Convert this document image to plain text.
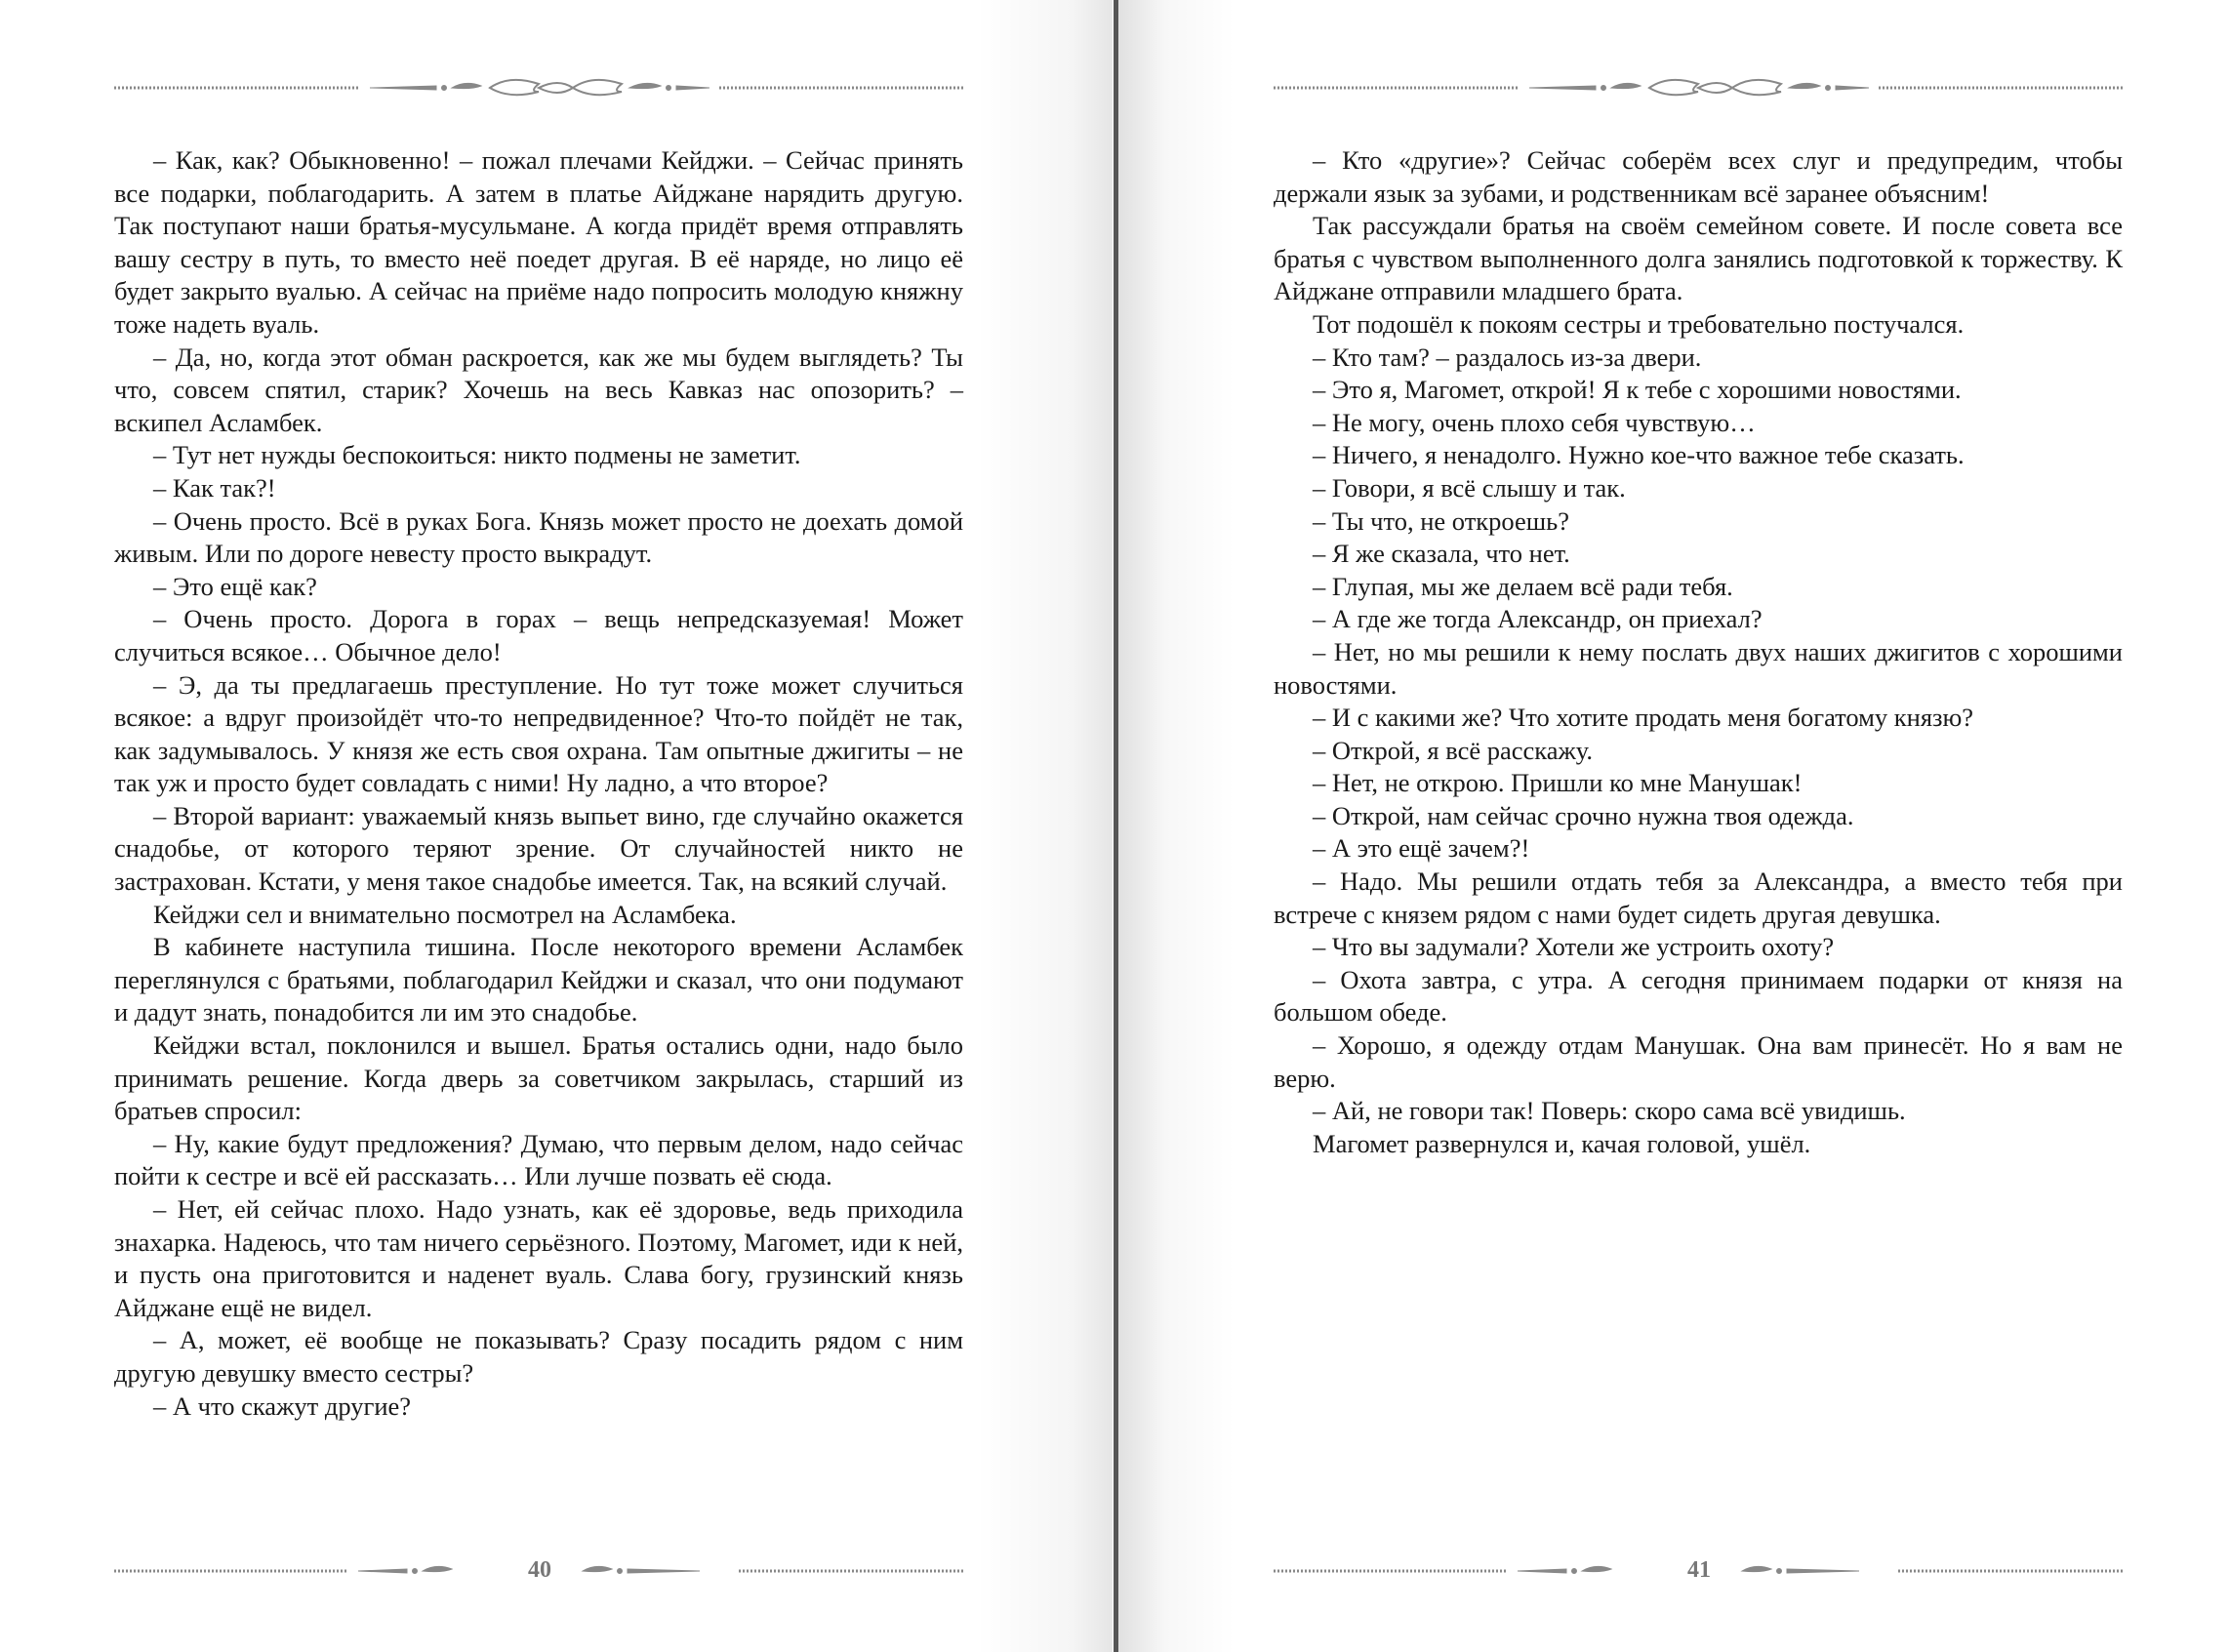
– Как, как? Обыкновенно! – пожал плечами Кейджи. – Сейчас принять все подарки, поблагодарить. А затем в платье Айджане нарядить другую. Так поступают наши братья-мусульмане. А когда придёт время отправлять вашу сестру в путь, то вместо неё поедет другая. В её наряде, но лицо её будет закрыто вуалью. А сейчас на приёме надо попросить молодую княжну тоже надеть вуаль.

– Да, но, когда этот обман раскроется, как же мы будем выглядеть? Ты что, совсем спятил, старик? Хочешь на весь Кавказ нас опозорить? – вскипел Асламбек.

– Тут нет нужды беспокоиться: никто подмены не заметит.

– Как так?!

– Очень просто. Всё в руках Бога. Князь может просто не доехать домой живым. Или по дороге невесту просто выкрадут.

– Это ещё как?

– Очень просто. Дорога в горах – вещь непредсказуемая! Может случиться всякое… Обычное дело!

– Э, да ты предлагаешь преступление. Но тут тоже может случиться всякое: а вдруг произойдёт что-то непредвиденное? Что-то пойдёт не так, как задумывалось. У князя же есть своя охрана. Там опытные джигиты – не так уж и просто будет совладать с ними! Ну ладно, а что второе?

– Второй вариант: уважаемый князь выпьет вино, где случайно окажется снадобье, от которого теряют зрение. От случайностей никто не застрахован. Кстати, у меня такое снадобье имеется. Так, на всякий случай.

Кейджи сел и внимательно посмотрел на Асламбека.

В кабинете наступила тишина. После некоторого времени Асламбек переглянулся с братьями, поблагодарил Кейджи и сказал, что они подумают и дадут знать, понадобится ли им это снадобье.

Кейджи встал, поклонился и вышел. Братья остались одни, надо было принимать решение. Когда дверь за советчиком закрылась, старший из братьев спросил:

– Ну, какие будут предложения? Думаю, что первым делом, надо сейчас пойти к сестре и всё ей рассказать… Или лучше позвать её сюда.

– Нет, ей сейчас плохо. Надо узнать, как её здоровье, ведь приходила знахарка. Надеюсь, что там ничего серьёзного. Поэтому, Магомет, иди к ней, и пусть она приготовится и наденет вуаль. Слава богу, грузинский князь Айджане ещё не видел.

– А, может, её вообще не показывать? Сразу посадить рядом с ним другую девушку вместо сестры?

– А что скажут другие?

40

– Кто «другие»? Сейчас соберём всех слуг и предупредим, чтобы держали язык за зубами, и родственникам всё заранее объясним!

Так рассуждали братья на своём семейном совете. И после совета все братья с чувством выполненного долга занялись подготовкой к торжеству. К Айджане отправили младшего брата.

Тот подошёл к покоям сестры и требовательно постучался.

– Кто там? – раздалось из-за двери.

– Это я, Магомет, открой! Я к тебе с хорошими новостями.

– Не могу, очень плохо себя чувствую…

– Ничего, я ненадолго. Нужно кое-что важное тебе сказать.

– Говори, я всё слышу и так.

– Ты что, не откроешь?

– Я же сказала, что нет.

– Глупая, мы же делаем всё ради тебя.

– А где же тогда Александр, он приехал?

– Нет, но мы решили к нему послать двух наших джигитов с хорошими новостями.

– И с какими же? Что хотите продать меня богатому князю?

– Открой, я всё расскажу.

– Нет, не открою. Пришли ко мне Манушак!

– Открой, нам сейчас срочно нужна твоя одежда.

– А это ещё зачем?!

– Надо. Мы решили отдать тебя за Александра, а вместо тебя при встрече с князем рядом с нами будет сидеть другая девушка.

– Что вы задумали? Хотели же устроить охоту?

– Охота завтра, с утра. А сегодня принимаем подарки от князя на большом обеде.

– Хорошо, я одежду отдам Манушак. Она вам принесёт. Но я вам не верю.

– Ай, не говори так! Поверь: скоро сама всё увидишь.

Магомет развернулся и, качая головой, ушёл.

41
